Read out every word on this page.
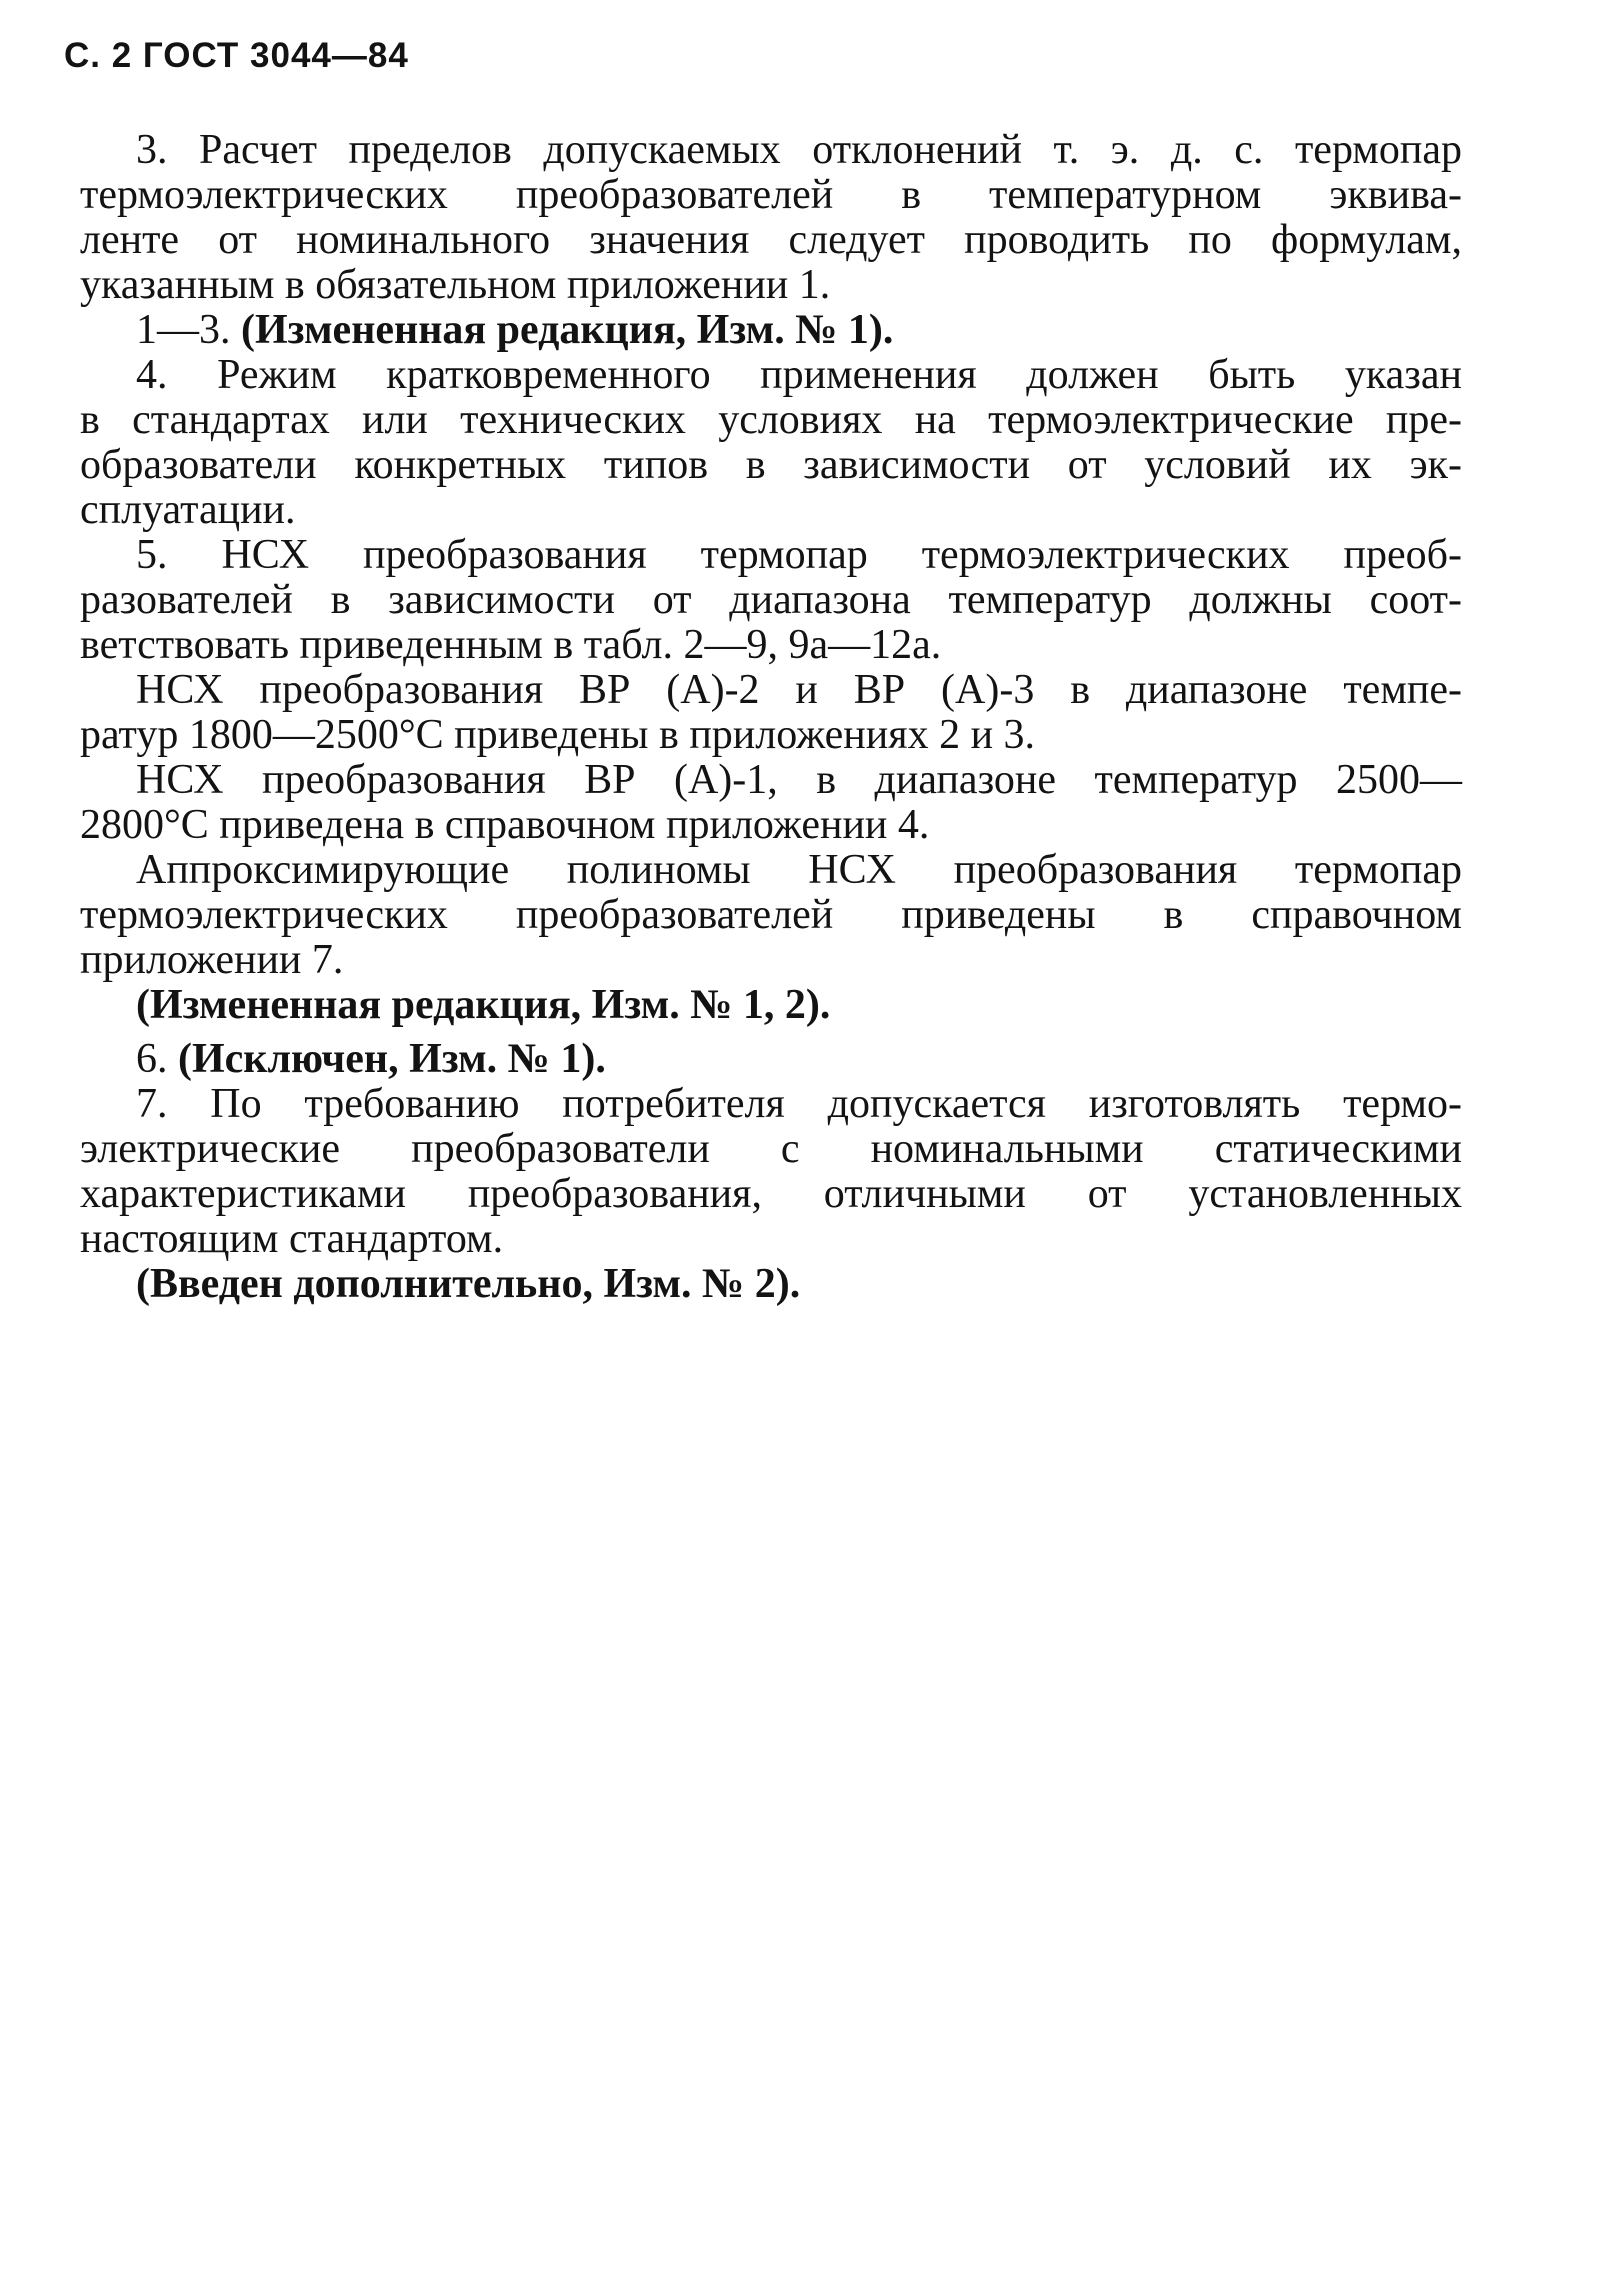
С. 2 ГОСТ 3044—84

3. Расчет пределов допускаемых отклонений т. э. д. с. термопар
термоэлектрических преобразователей в температурном эквива-
ленте от номинального значения следует проводить по формулам,
указанным в обязательном приложении 1.

1—3. (Измененная редакция, Изм. № 1).

4. Режим кратковременного применения должен быть указан
в стандартах или технических условиях на термоэлектрические пре-
образователи конкретных типов в зависимости от условий их эк-
сплуатации.

5. НСХ преобразования термопар термоэлектрических преоб-
разователей в зависимости от диапазона температур должны соот-
ветствовать приведенным в табл. 2—9, 9а—12а.

НСХ преобразования ВР (А)-2 и ВР (А)-3 в диапазоне темпе-
ратур 1800—2500°С приведены в приложениях 2 и 3.

НСХ преобразования ВР (А)-1, в диапазоне температур 2500—
2800°С приведена в справочном приложении 4.

Аппроксимирующие полиномы НСХ преобразования термопар
термоэлектрических преобразователей приведены в справочном
приложении 7.

(Измененная редакция, Изм. № 1, 2).

6. (Исключен, Изм. № 1).

7. По требованию потребителя допускается изготовлять термо-
электрические преобразователи с номинальными статическими
характеристиками преобразования, отличными от установленных
настоящим стандартом.

(Введен дополнительно, Изм. № 2).
